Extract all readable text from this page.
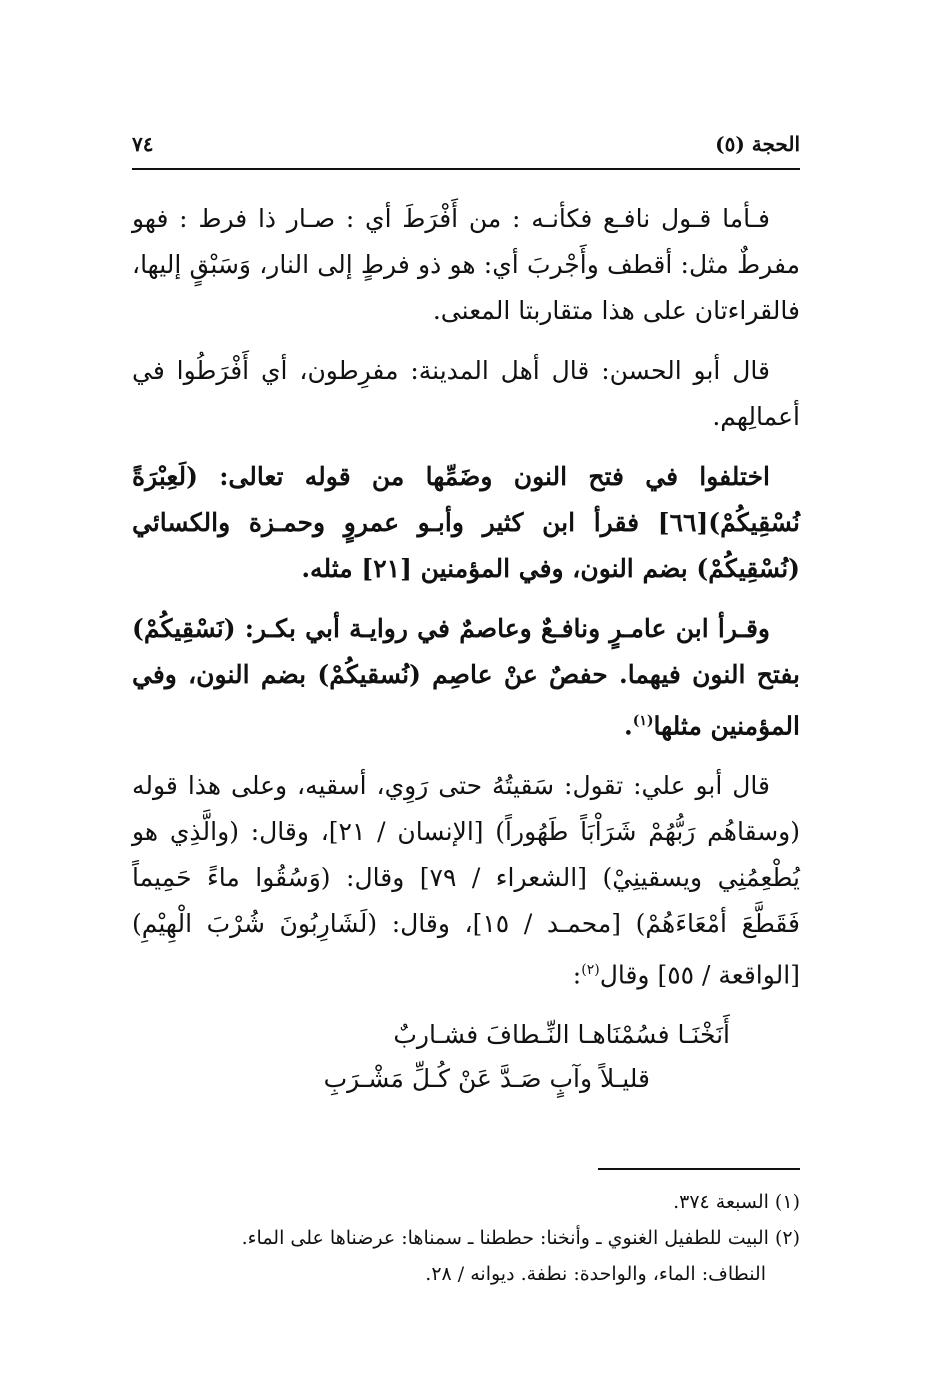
٧٤	الحجة (٥)

فـأما قـول نافـع فكأنـه : من أَفْرَطَ أي : صـار ذا فرط : فهو مفرطٌ مثل: أقطف وأَجْربَ أي: هو ذو فرطٍ إلى النار، وَسَبْقٍ إليها، فالقراءتان على هذا متقاربتا المعنى.

قال أبو الحسن: قال أهل المدينة: مفرِطون، أي أَفْرَطُوا في أعمالِهم.

اختلفوا في فتح النون وضَمِّها من قوله تعالى: (لَعِبْرَةً نُسْقِيكُمْ)[٦٦] فقرأ ابن كثير وأبـو عمروٍ وحمـزة والكسائي (نُسْقِيكُمْ) بضم النون، وفي المؤمنين [٢١] مثله.

وقـرأ ابن عامـرٍ ونافـعٌ وعاصمٌ في روايـة أبي بكـر: (نَسْقِيكُمْ) بفتح النون فيهما. حفصٌ عنْ عاصِم (نُسقيكُمْ) بضم النون، وفي المؤمنين مثلها$^{(١)}$.

قال أبو علي: تقول: سَقيتُهُ حتى رَوِي، أسقيه، وعلى هذا قوله (وسقاهُم رَبُّهُمْ شَرَاْبَاً طَهُوراً) [الإنسان / ٢١]، وقال: (والَّذِي هو يُطْعِمُنِي ويسقينِيْ) [الشعراء / ٧٩] وقال: (وَسُقُوا ماءً حَمِيماً فَقَطَّعَ أمْعَاءَهُمْ) [محمـد / ١٥]، وقال: (لَشَارِبُونَ شُرْبَ الْهِيْمِ) [الواقعة / ٥٥] وقال$^{(٢)}$:

أَنَخْنَـا فسُمْنَاهـا النِّـطافَ فشـاربٌ

قليـلاً وآبٍ صَـدَّ عَنْ كُـلِّ مَشْـرَبِ

(١) السبعة ٣٧٤.

(٢) البيت للطفيل الغنوي ـ وأنخنا: حططنا ـ سمناها: عرضناها على الماء.

النطاف: الماء، والواحدة: نطفة. ديوانه / ٢٨.
